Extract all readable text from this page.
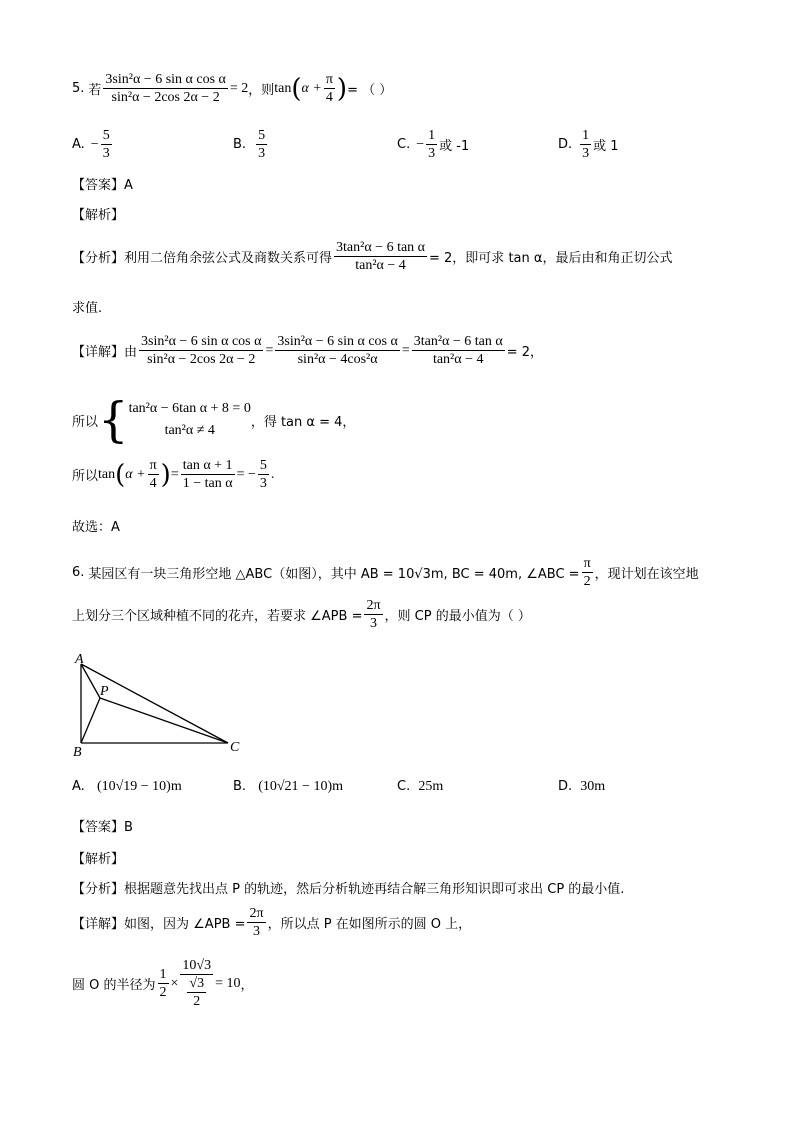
5. 若 $\frac{\text{3sin²α − 6 sin α cos α}}{\text{sin²α − 2cos 2α − 2}} = 2$ ，则 tan ( $\alpha + \frac{\pi}{4}$ ) = （ ）
A. − $\frac{5}{3}$	B. $\frac{5}{3}$	C. − $\frac{1}{3}$ 或 -1	D. $\frac{1}{3}$ 或 1
【答案】A
【解析】
【分析】 利用二倍角余弦公式及商数关系可得 $\frac{\text{3tan²α − 6 tan α}}{\text{tan²α − 4}} = 2$，即可求 tan α，最后由和角正切公式
求值.
【详解】 由 $\frac{\text{3sin²α − 6 sin α cos α}}{\text{sin²α − 2cos 2α − 2}} = \frac{\text{3sin²α − 6 sin α cos α}}{\text{sin²α − 4cos²α}} = \frac{\text{3tan²α − 6 tan α}}{\text{tan²α − 4}} = 2$，
所以 { tan²α − 6tan α + 8 = 0
tan²α ≠ 4
，得 tan α = 4，
所以 tan ( $\alpha + \frac{\pi}{4}$ ) = $\frac{\text{tan α + 1}}{\text{1 − tan α}}$ = − $\frac{5}{3}$ .
故选：A
6. 某园区有一块三角形空地 △ABC（如图），其中 AB = 10√3m, BC = 40m, ∠ABC = $\frac{\pi}{2}$ ，现计划在该空地
上划分三个区域种植不同的花卉，若要求 ∠APB = $\frac{2\pi}{3}$ ，则 CP 的最小值为（ ）
A
P
B	C
A. (10√19 − 10)m	B. (10√21 − 10)m	C. 25m	D. 30m
【答案】B
【解析】
【分析】根据题意先找出点 P 的轨迹，然后分析轨迹再结合解三角形知识即可求出 CP 的最小值.
【详解】 如图，因为 ∠APB = $\frac{2\pi}{3}$ ，所以点 P 在如图所示的圆 O 上，
圆 O 的半径为 $\frac{1}{2} \times \frac{10√3}{\frac{√3}{2}} = 10$ ，
